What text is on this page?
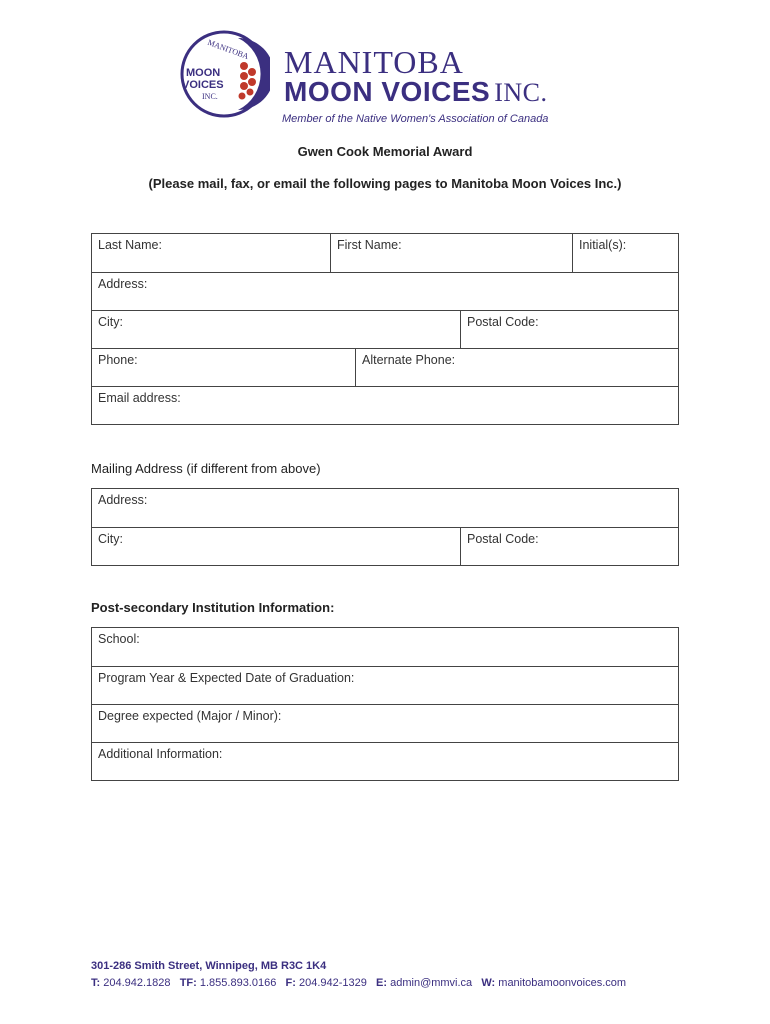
MANITOBA
MOON
VOICES
INC.
MANITOBA
MOON VOICES INC.
Member of the Native Women's Association of Canada
Gwen Cook Memorial Award
(Please mail, fax, or email the following pages to Manitoba Moon Voices Inc.)
Last Name:	First Name:	Initial(s):
Address:
City:	Postal Code:
Phone:	Alternate Phone:
Email address:
Mailing Address (if different from above)
Address:
City:	Postal Code:
Post-secondary Institution Information:
School:
Program Year & Expected Date of Graduation:
Degree expected (Major / Minor):
Additional Information:
301-286 Smith Street, Winnipeg, MB R3C 1K4
T: 204.942.1828 TF: 1.855.893.0166 F: 204.942-1329 E: admin@mmvi.ca W: manitobamoonvoices.com
